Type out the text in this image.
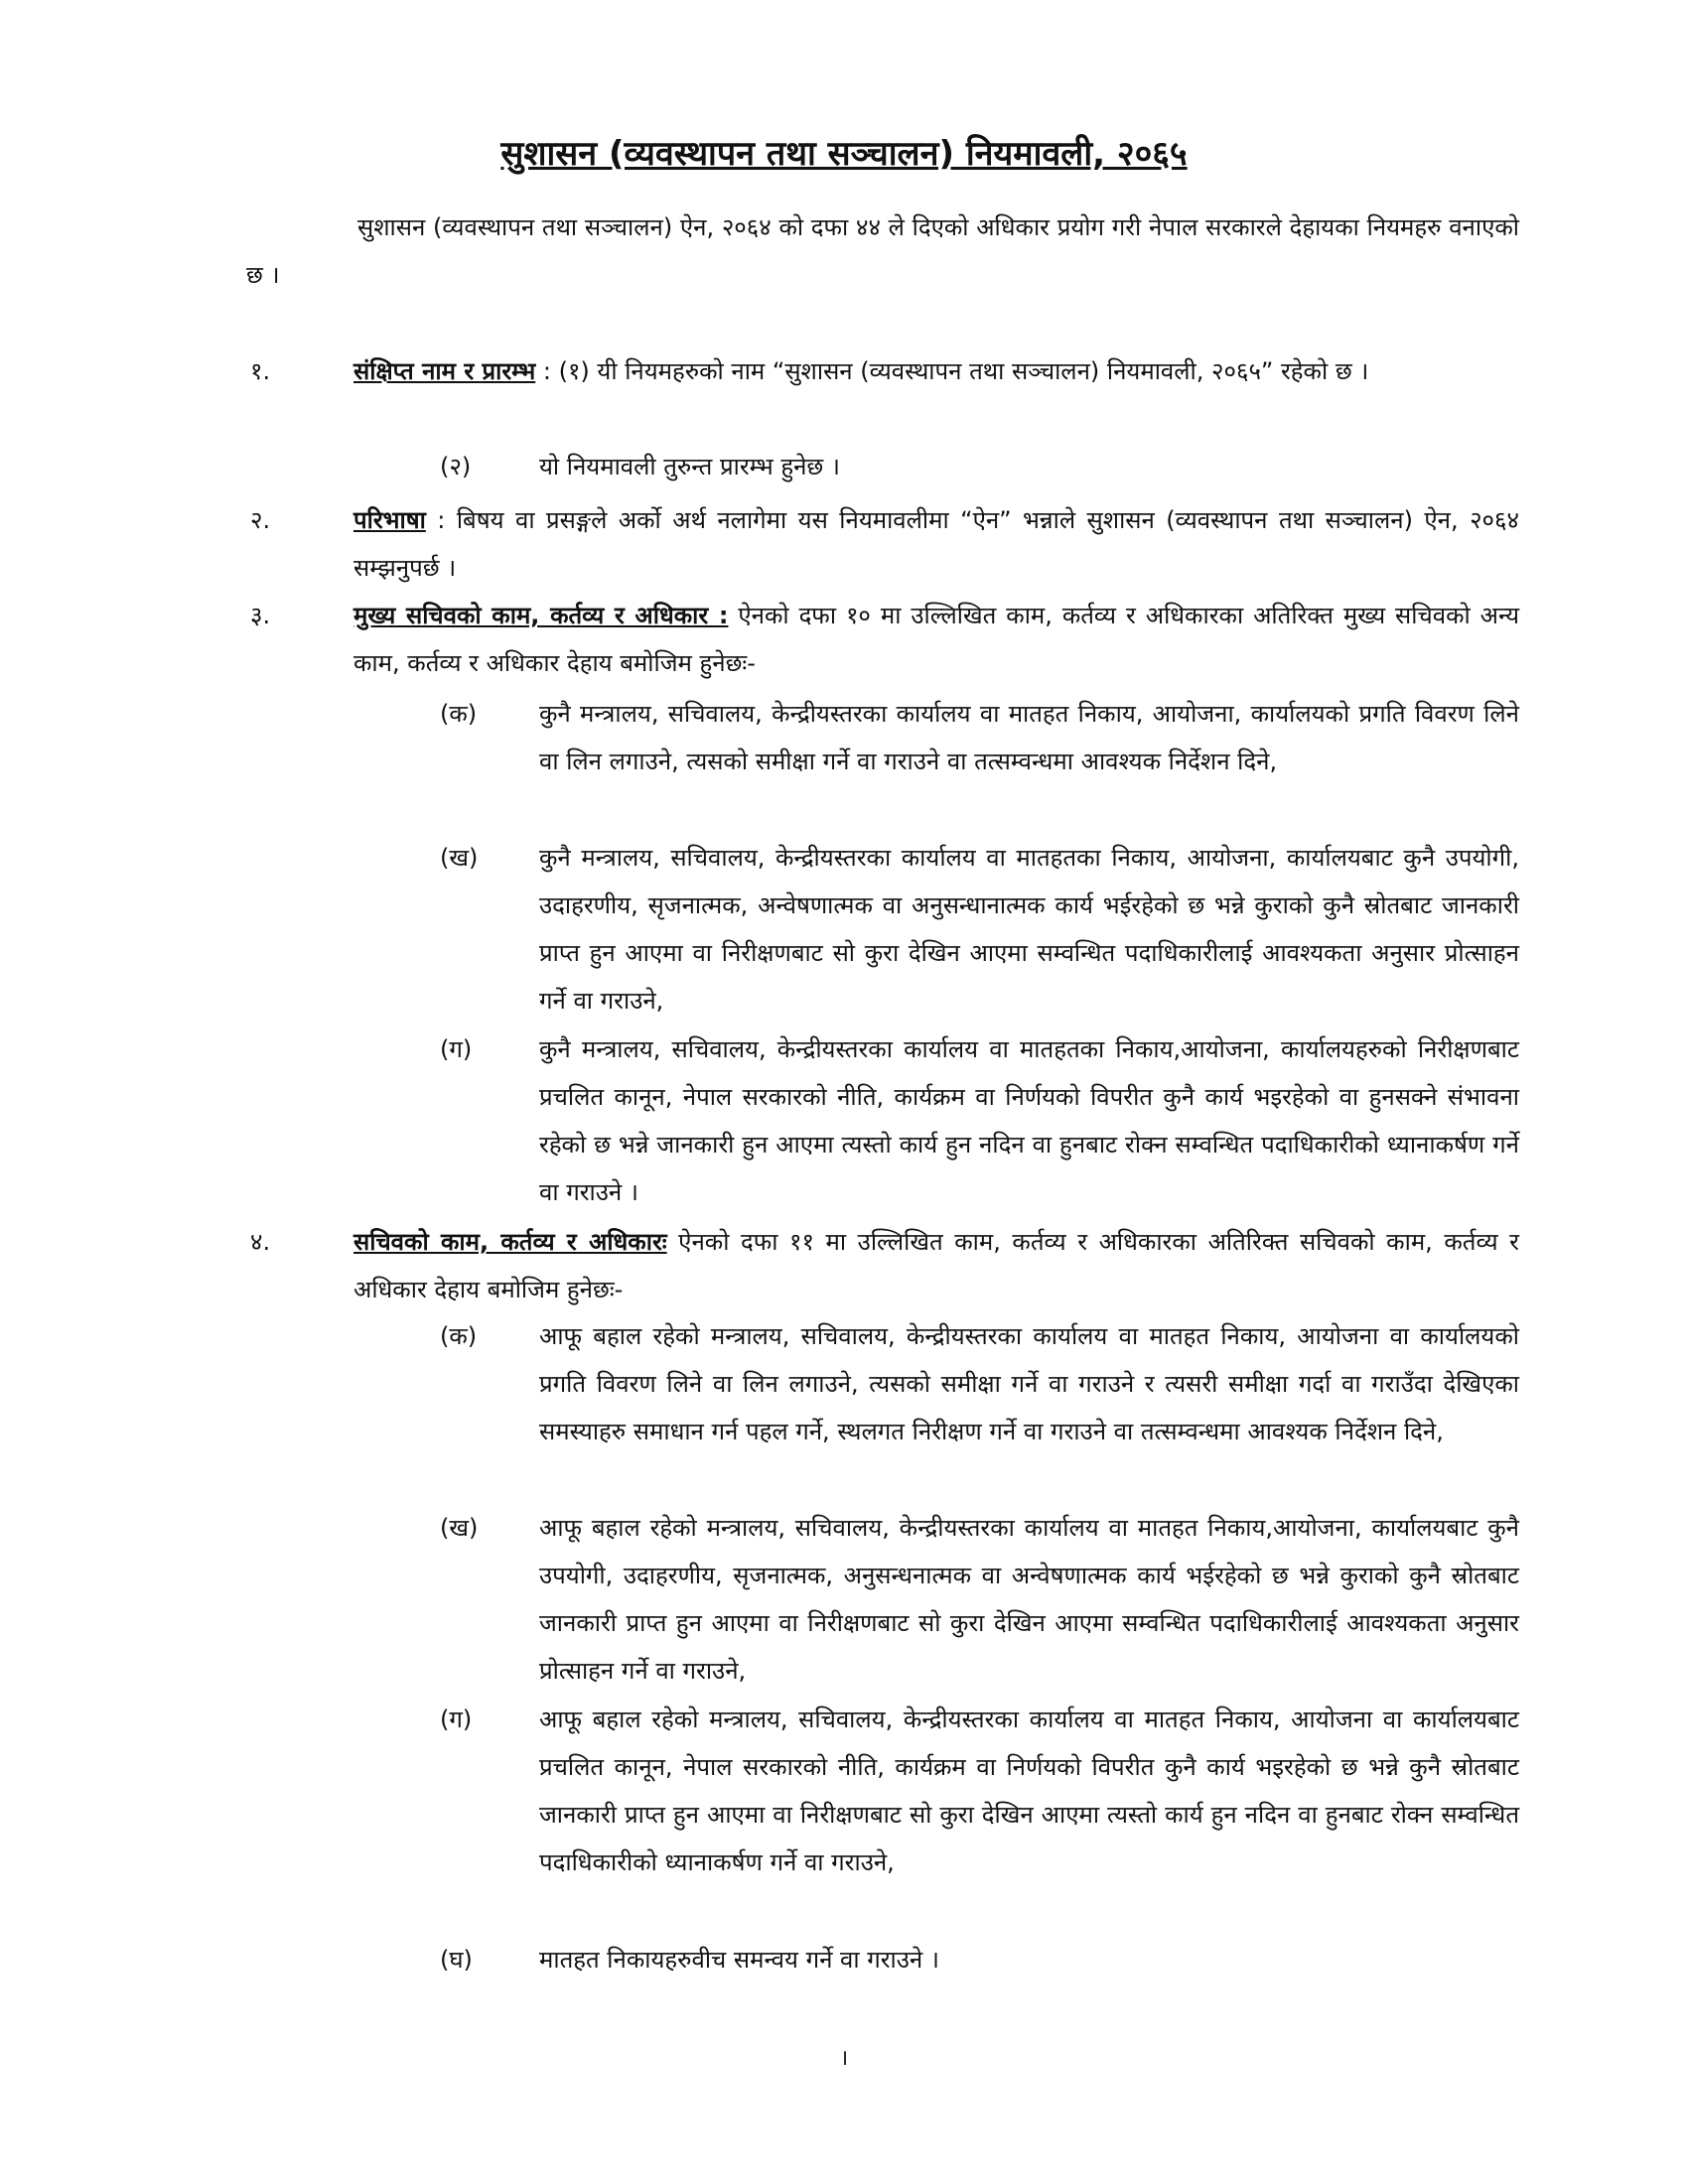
सुशासन (व्यवस्थापन तथा सञ्चालन) नियमावली, २०६५
सुशासन (व्यवस्थापन तथा सञ्चालन) ऐन, २०६४ को दफा ४४ ले दिएको अधिकार प्रयोग गरी नेपाल सरकारले देहायका नियमहरु वनाएको छ ।
१.	संक्षिप्त नाम र प्रारम्भ : (१) यी नियमहरुको नाम “सुशासन (व्यवस्थापन तथा सञ्चालन) नियमावली, २०६५” रहेको छ ।
(२)	यो नियमावली तुरुन्त प्रारम्भ हुनेछ ।
२.	परिभाषा : बिषय वा प्रसङ्गले अर्को अर्थ नलागेमा यस नियमावलीमा “ऐन” भन्नाले सुशासन (व्यवस्थापन तथा सञ्चालन) ऐन, २०६४ सम्झनुपर्छ ।
३.	मुख्य सचिवको काम, कर्तव्य र अधिकार : ऐनको दफा १० मा उल्लिखित काम, कर्तव्य र अधिकारका अतिरिक्त मुख्य सचिवको अन्य काम, कर्तव्य र अधिकार देहाय बमोजिम हुनेछः-
(क)	कुनै मन्त्रालय, सचिवालय, केन्द्रीयस्तरका कार्यालय वा मातहत निकाय, आयोजना, कार्यालयको प्रगति विवरण लिने वा लिन लगाउने, त्यसको समीक्षा गर्ने वा गराउने वा तत्सम्वन्धमा आवश्यक निर्देशन दिने,
(ख)	कुनै मन्त्रालय, सचिवालय, केन्द्रीयस्तरका कार्यालय वा मातहतका निकाय, आयोजना, कार्यालयबाट कुनै उपयोगी, उदाहरणीय, सृजनात्मक, अन्वेषणात्मक वा अनुसन्धानात्मक कार्य भईरहेको छ भन्ने कुराको कुनै स्रोतबाट जानकारी प्राप्त हुन आएमा वा निरीक्षणबाट सो कुरा देखिन आएमा सम्वन्धित पदाधिकारीलाई आवश्यकता अनुसार प्रोत्साहन गर्ने वा गराउने,
(ग)	कुनै मन्त्रालय, सचिवालय, केन्द्रीयस्तरका कार्यालय वा मातहतका निकाय,आयोजना, कार्यालयहरुको निरीक्षणबाट प्रचलित कानून, नेपाल सरकारको नीति, कार्यक्रम वा निर्णयको विपरीत कुनै कार्य भइरहेको वा हुनसक्ने संभावना रहेको छ भन्ने जानकारी हुन आएमा त्यस्तो कार्य हुन नदिन वा हुनबाट रोक्न सम्वन्धित पदाधिकारीको ध्यानाकर्षण गर्ने वा गराउने ।
४.	सचिवको काम, कर्तव्य र अधिकारः ऐनको दफा ११ मा उल्लिखित काम, कर्तव्य र अधिकारका अतिरिक्त सचिवको काम, कर्तव्य र अधिकार देहाय बमोजिम हुनेछः-
(क)	आफू बहाल रहेको मन्त्रालय, सचिवालय, केन्द्रीयस्तरका कार्यालय वा मातहत निकाय, आयोजना वा कार्यालयको प्रगति विवरण लिने वा लिन लगाउने, त्यसको समीक्षा गर्ने वा गराउने र त्यसरी समीक्षा गर्दा वा गराउँदा देखिएका समस्याहरु समाधान गर्न पहल गर्ने, स्थलगत निरीक्षण गर्ने वा गराउने वा तत्सम्वन्धमा आवश्यक निर्देशन दिने,
(ख)	आफू बहाल रहेको मन्त्रालय, सचिवालय, केन्द्रीयस्तरका कार्यालय वा मातहत निकाय,आयोजना, कार्यालयबाट कुनै उपयोगी, उदाहरणीय, सृजनात्मक, अनुसन्धनात्मक वा अन्वेषणात्मक कार्य भईरहेको छ भन्ने कुराको कुनै स्रोतबाट जानकारी प्राप्त हुन आएमा वा निरीक्षणबाट सो कुरा देखिन आएमा सम्वन्धित पदाधिकारीलाई आवश्यकता अनुसार प्रोत्साहन गर्ने वा गराउने,
(ग)	आफू बहाल रहेको मन्त्रालय, सचिवालय, केन्द्रीयस्तरका कार्यालय वा मातहत निकाय, आयोजना वा कार्यालयबाट प्रचलित कानून, नेपाल सरकारको नीति, कार्यक्रम वा निर्णयको विपरीत कुनै कार्य भइरहेको छ भन्ने कुनै स्रोतबाट जानकारी प्राप्त हुन आएमा वा निरीक्षणबाट सो कुरा देखिन आएमा त्यस्तो कार्य हुन नदिन वा हुनबाट रोक्न सम्वन्धित पदाधिकारीको ध्यानाकर्षण गर्ने वा गराउने,
(घ)	मातहत निकायहरुवीच समन्वय गर्ने वा गराउने ।
।
